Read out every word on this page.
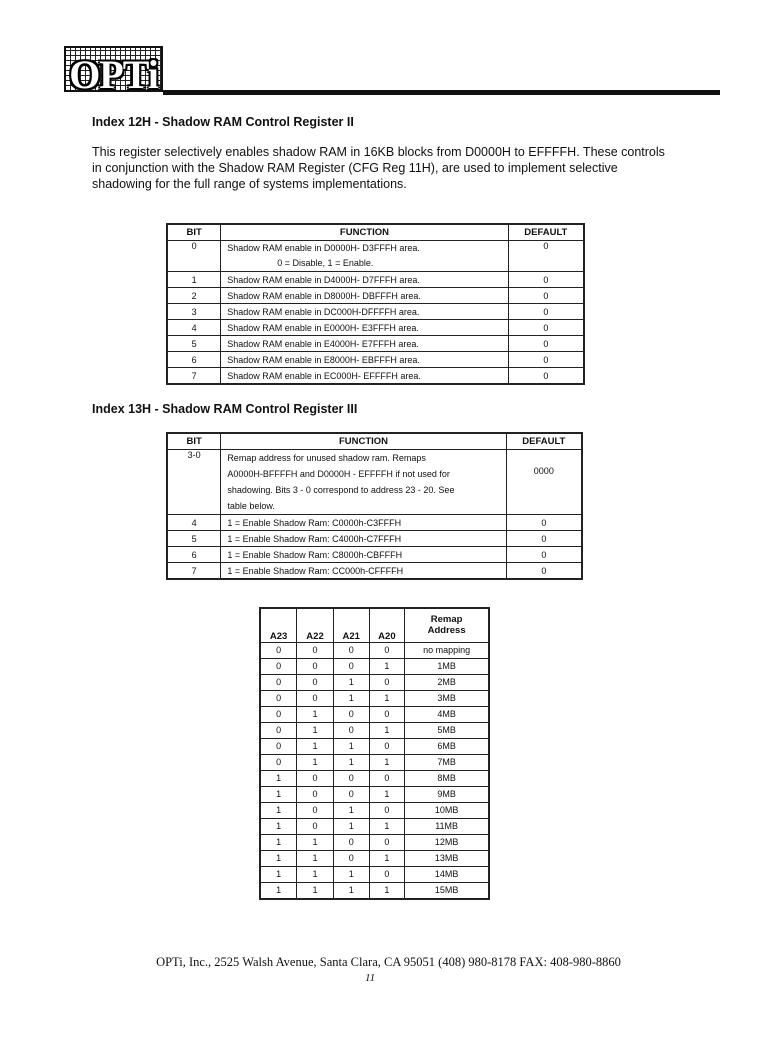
OPTi
Index 12H - Shadow RAM Control Register II

This register selectively enables shadow RAM in 16KB blocks from D0000H to EFFFFH. These controls in conjunction with the Shadow RAM Register (CFG Reg 11H), are used to implement selective shadowing for the full range of systems implementations.

BIT	FUNCTION	DEFAULT
0	Shadow RAM enable in D0000H- D3FFFH area.
0 = Disable, 1 = Enable.	0
1	Shadow RAM enable in D4000H- D7FFFH area.	0
2	Shadow RAM enable in D8000H- DBFFFH area.	0
3	Shadow RAM enable in DC000H-DFFFFH area.	0
4	Shadow RAM enable in E0000H- E3FFFH area.	0
5	Shadow RAM enable in E4000H- E7FFFH area.	0
6	Shadow RAM enable in E8000H- EBFFFH area.	0
7	Shadow RAM enable in EC000H- EFFFFH area.	0
Index 13H - Shadow RAM Control Register III
BIT	FUNCTION	DEFAULT
3-0	Remap address for unused shadow ram. Remaps
A0000H-BFFFFH and D0000H - EFFFFH if not used for
shadowing. Bits 3 - 0 correspond to address 23 - 20. See
table below.	0000
4	1 = Enable Shadow Ram: C0000h-C3FFFH	0
5	1 = Enable Shadow Ram: C4000h-C7FFFH	0
6	1 = Enable Shadow Ram: C8000h-CBFFFH	0
7	1 = Enable Shadow Ram: CC000h-CFFFFH	0
A23	A22	A21	A20	Remap
Address

0	0	0	0	no mapping
0	0	0	1	1MB
0	0	1	0	2MB
0	0	1	1	3MB
0	1	0	0	4MB
0	1	0	1	5MB
0	1	1	0	6MB
0	1	1	1	7MB
1	0	0	0	8MB
1	0	0	1	9MB
1	0	1	0	10MB
1	0	1	1	11MB
1	1	0	0	12MB
1	1	0	1	13MB
1	1	1	0	14MB
1	1	1	1	15MB
OPTi, Inc., 2525 Walsh Avenue, Santa Clara, CA 95051 (408) 980-8178 FAX: 408-980-8860
11
